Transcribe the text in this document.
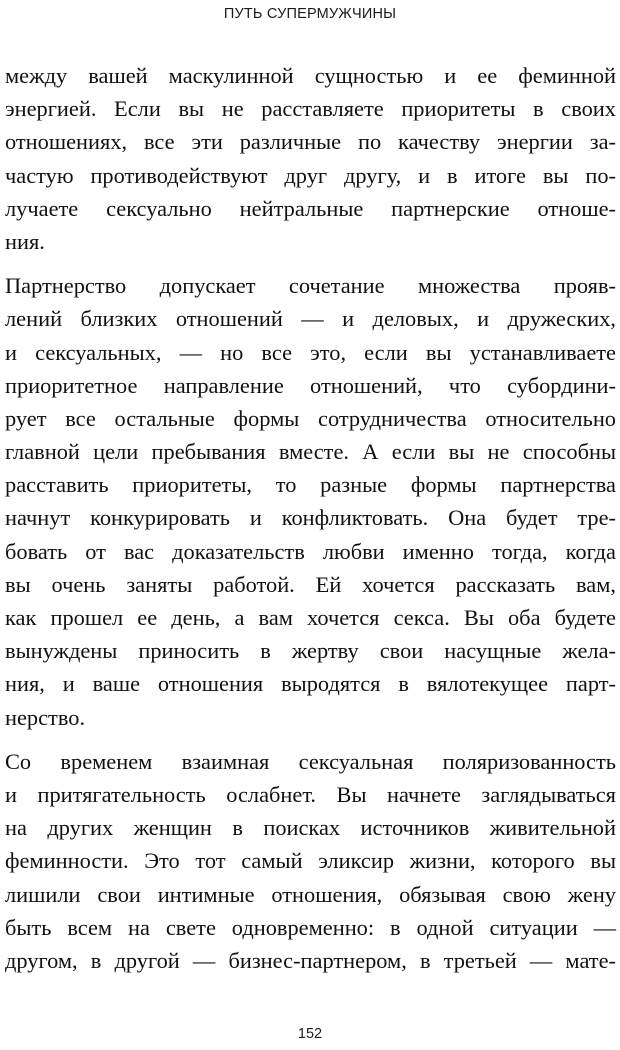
ПУТЬ СУПЕРМУЖЧИНЫ
между вашей маскулинной сущностью и ее феминной
энергией. Если вы не расставляете приоритеты в своих
отношениях, все эти различные по качеству энергии за-
частую противодействуют друг другу, и в итоге вы по-
лучаете сексуально нейтральные партнерские отноше-
ния.
Партнерство допускает сочетание множества прояв-
лений близких отношений — и деловых, и дружеских,
и сексуальных, — но все это, если вы устанавливаете
приоритетное направление отношений, что субордини-
рует все остальные формы сотрудничества относительно
главной цели пребывания вместе. А если вы не способны
расставить приоритеты, то разные формы партнерства
начнут конкурировать и конфликтовать. Она будет тре-
бовать от вас доказательств любви именно тогда, когда
вы очень заняты работой. Ей хочется рассказать вам,
как прошел ее день, а вам хочется секса. Вы оба будете
вынуждены приносить в жертву свои насущные жела-
ния, и ваше отношения выродятся в вялотекущее парт-
нерство.
Со временем взаимная сексуальная поляризованность
и притягательность ослабнет. Вы начнете заглядываться
на других женщин в поисках источников живительной
феминности. Это тот самый эликсир жизни, которого вы
лишили свои интимные отношения, обязывая свою жену
быть всем на свете одновременно: в одной ситуации —
другом, в другой — бизнес-партнером, в третьей — мате-
152
